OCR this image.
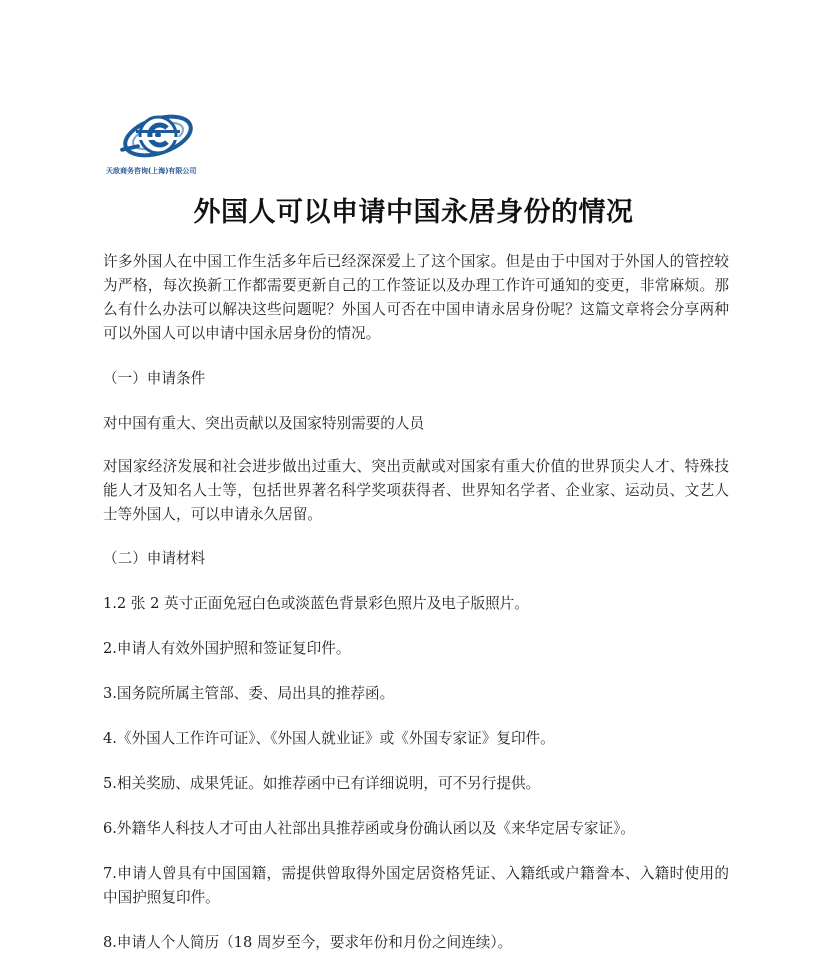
天敌商务咨询(上海)有限公司
外国人可以申请中国永居身份的情况

许多外国人在中国工作生活多年后已经深深爱上了这个国家。但是由于中国对于外国人的管控较为严格，每次换新工作都需要更新自己的工作签证以及办理工作许可通知的变更，非常麻烦。那么有什么办法可以解决这些问题呢？外国人可否在中国申请永居身份呢？这篇文章将会分享两种可以外国人可以申请中国永居身份的情况。

（一）申请条件

对中国有重大、突出贡献以及国家特别需要的人员

对国家经济发展和社会进步做出过重大、突出贡献或对国家有重大价值的世界顶尖人才、特殊技能人才及知名人士等，包括世界著名科学奖项获得者、世界知名学者、企业家、运动员、文艺人士等外国人，可以申请永久居留。

（二）申请材料

1.2 张 2 英寸正面免冠白色或淡蓝色背景彩色照片及电子版照片。

2.申请人有效外国护照和签证复印件。

3.国务院所属主管部、委、局出具的推荐函。

4.《外国人工作许可证》、《外国人就业证》或《外国专家证》复印件。

5.相关奖励、成果凭证。如推荐函中已有详细说明，可不另行提供。

6.外籍华人科技人才可由人社部出具推荐函或身份确认函以及《来华定居专家证》。

7.申请人曾具有中国国籍，需提供曾取得外国定居资格凭证、入籍纸或户籍誊本、入籍时使用的中国护照复印件。

8.申请人个人简历（18 周岁至今，要求年份和月份之间连续）。
